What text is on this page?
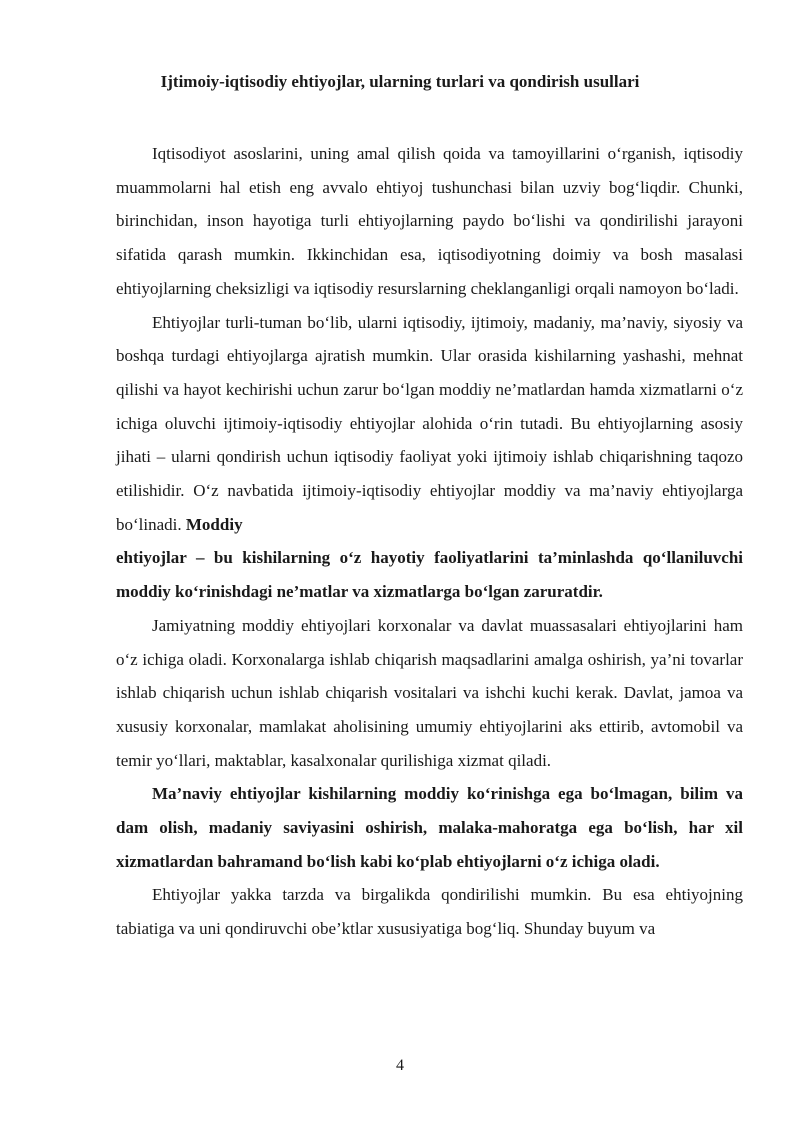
Ijtimoiy-iqtisodiy ehtiyojlar, ularning turlari va qondirish usullari

Iqtisodiyot asoslarini, uning amal qilish qoida va tamoyillarini o‘rganish, iqtisodiy muammolarni hal etish eng avvalo ehtiyoj tushunchasi bilan uzviy bog‘liqdir. Chunki, birinchidan, inson hayotiga turli ehtiyojlarning paydo bo‘lishi va qondirilishi jarayoni sifatida qarash mumkin. Ikkinchidan esa, iqtisodiyotning doimiy va bosh masalasi ehtiyojlarning cheksizligi va iqtisodiy resurslarning cheklanganligi orqali namoyon bo‘ladi.

Ehtiyojlar turli-tuman bo‘lib, ularni iqtisodiy, ijtimoiy, madaniy, ma’naviy, siyosiy va boshqa turdagi ehtiyojlarga ajratish mumkin. Ular orasida kishilarning yashashi, mehnat qilishi va hayot kechirishi uchun zarur bo‘lgan moddiy ne’matlardan hamda xizmatlarni o‘z ichiga oluvchi ijtimoiy-iqtisodiy ehtiyojlar alohida o‘rin tutadi. Bu ehtiyojlarning asosiy jihati – ularni qondirish uchun iqtisodiy faoliyat yoki ijtimoiy ishlab chiqarishning taqozo etilishidir. O‘z navbatida ijtimoiy-iqtisodiy ehtiyojlar moddiy va ma’naviy ehtiyojlarga bo‘linadi. Moddiy

ehtiyojlar – bu kishilarning o‘z hayotiy faoliyatlarini ta’minlashda qo‘llaniluvchi moddiy ko‘rinishdagi ne’matlar va xizmatlarga bo‘lgan zaruratdir.

Jamiyatning moddiy ehtiyojlari korxonalar va davlat muassasalari ehtiyojlarini ham o‘z ichiga oladi. Korxonalarga ishlab chiqarish maqsadlarini amalga oshirish, ya’ni tovarlar ishlab chiqarish uchun ishlab chiqarish vositalari va ishchi kuchi kerak. Davlat, jamoa va xususiy korxonalar, mamlakat aholisining umumiy ehtiyojlarini aks ettirib, avtomobil va temir yo‘llari, maktablar, kasalxonalar qurilishiga xizmat qiladi.

Ma’naviy ehtiyojlar kishilarning moddiy ko‘rinishga ega bo‘lmagan, bilim va dam olish, madaniy saviyasini oshirish, malaka-mahoratga ega bo‘lish, har xil xizmatlardan bahramand bo‘lish kabi ko‘plab ehtiyojlarni o‘z ichiga oladi.

Ehtiyojlar yakka tarzda va birgalikda qondirilishi mumkin. Bu esa ehtiyojning tabiatiga va uni qondiruvchi obe’ktlar xususiyatiga bog‘liq. Shunday buyum va

4
